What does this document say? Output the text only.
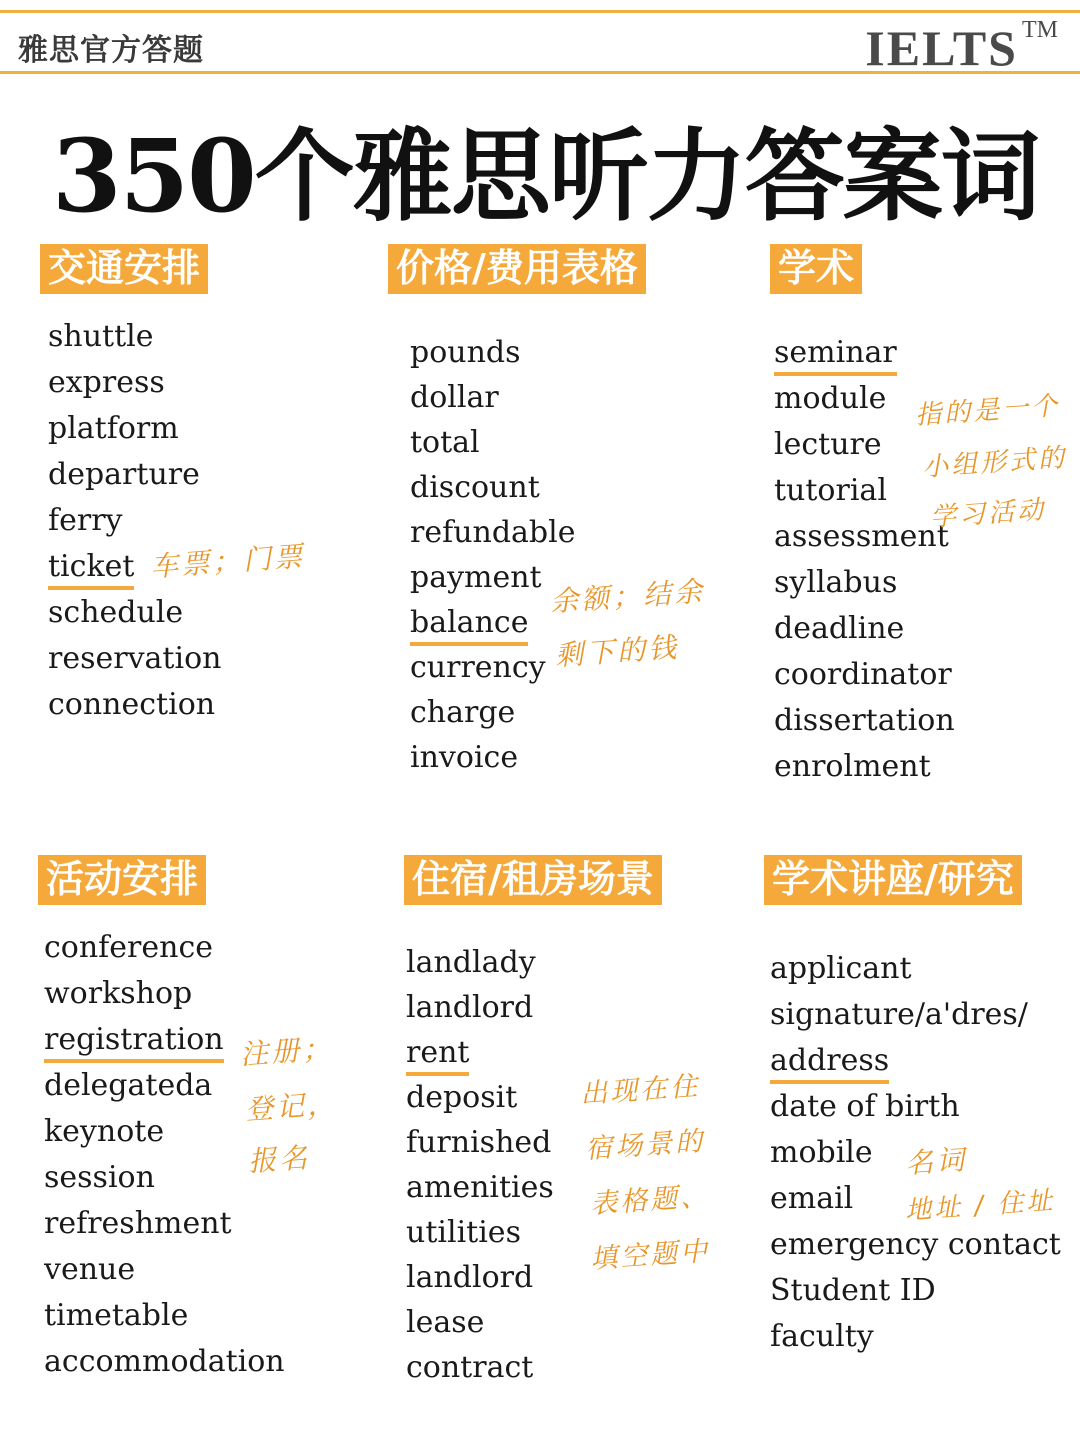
雅思官方答题	IELTS TM
350个雅思听力答案词
交通安排	价格/费用表格	学术
活动安排	住宿/租房场景	学术讲座/研究
shuttle
express
platform
departure
ferry
ticket
schedule
reservation
connection
pounds
dollar
total
discount
refundable
payment
balance
currency
charge
invoice
seminar
module
lecture
tutorial
assessment
syllabus
deadline
coordinator
dissertation
enrolment
conference
workshop
registration
delegateda
keynote
session
refreshment
venue
timetable
accommodation
landlady
landlord
rent
deposit
furnished
amenities
utilities
landlord
lease
contract
applicant
signature/a'dres/
address
date of birth
mobile
email
emergency contact
Student ID
faculty
车票；门票
余额；结余
剩下的钱
指的是一个
小组形式的
学习活动
注册；
登记，
报名
出现在住
宿场景的
表格题、
填空题中
名词
地址 / 住址
